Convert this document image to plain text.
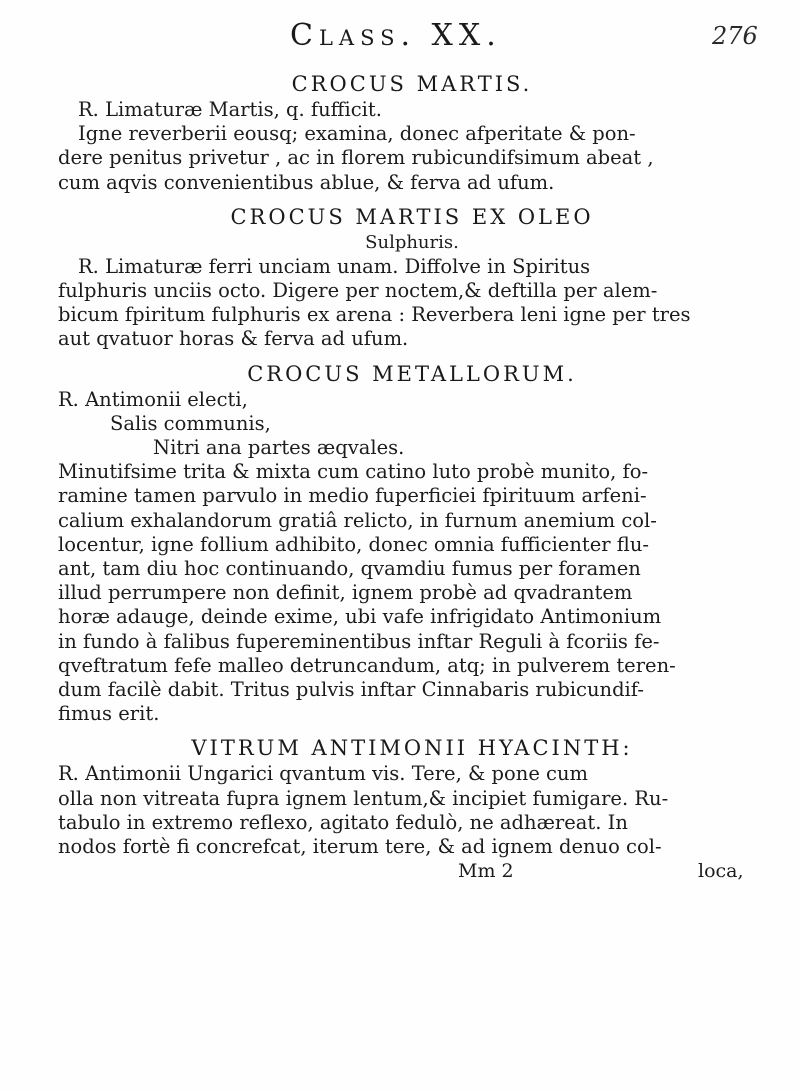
Class. XX.	276

CROCUS MARTIS.

R. Limaturæ Martis, q. fufficit.

Igne reverberii eousq; examina, donec afperitate & pon-

dere penitus privetur , ac in florem rubicundifsimum abeat ,

cum aqvis convenientibus ablue, & ferva ad ufum.

CROCUS MARTIS EX OLEO

Sulphuris.

R. Limaturæ ferri unciam unam. Diffolve in Spiritus

fulphuris unciis octo. Digere per noctem,& deftilla per alem-

bicum fpiritum fulphuris ex arena : Reverbera leni igne per tres

aut qvatuor horas & ferva ad ufum.

CROCUS METALLORUM.

R. Antimonii electi,

Salis communis,

Nitri ana partes æqvales.

Minutifsime trita & mixta cum catino luto probè munito, fo-

ramine tamen parvulo in medio fuperficiei fpirituum arfeni-

calium exhalandorum gratiâ relicto, in furnum anemium col-

locentur, igne follium adhibito, donec omnia fufficienter flu-

ant, tam diu hoc continuando, qvamdiu fumus per foramen

illud perrumpere non definit, ignem probè ad qvadrantem

horæ adauge, deinde exime, ubi vafe infrigidato Antimonium

in fundo à falibus fupereminentibus inftar Reguli à fcoriis fe-

qveftratum fefe malleo detruncandum, atq; in pulverem teren-

dum facilè dabit. Tritus pulvis inftar Cinnabaris rubicundif-

fimus erit.

VITRUM ANTIMONII HYACINTH:

R. Antimonii Ungarici qvantum vis. Tere, & pone cum

olla non vitreata fupra ignem lentum,& incipiet fumigare. Ru-

tabulo in extremo reflexo, agitato fedulò, ne adhæreat. In

nodos fortè fi concrefcat, iterum tere, & ad ignem denuo col-

Mm 2	loca,
